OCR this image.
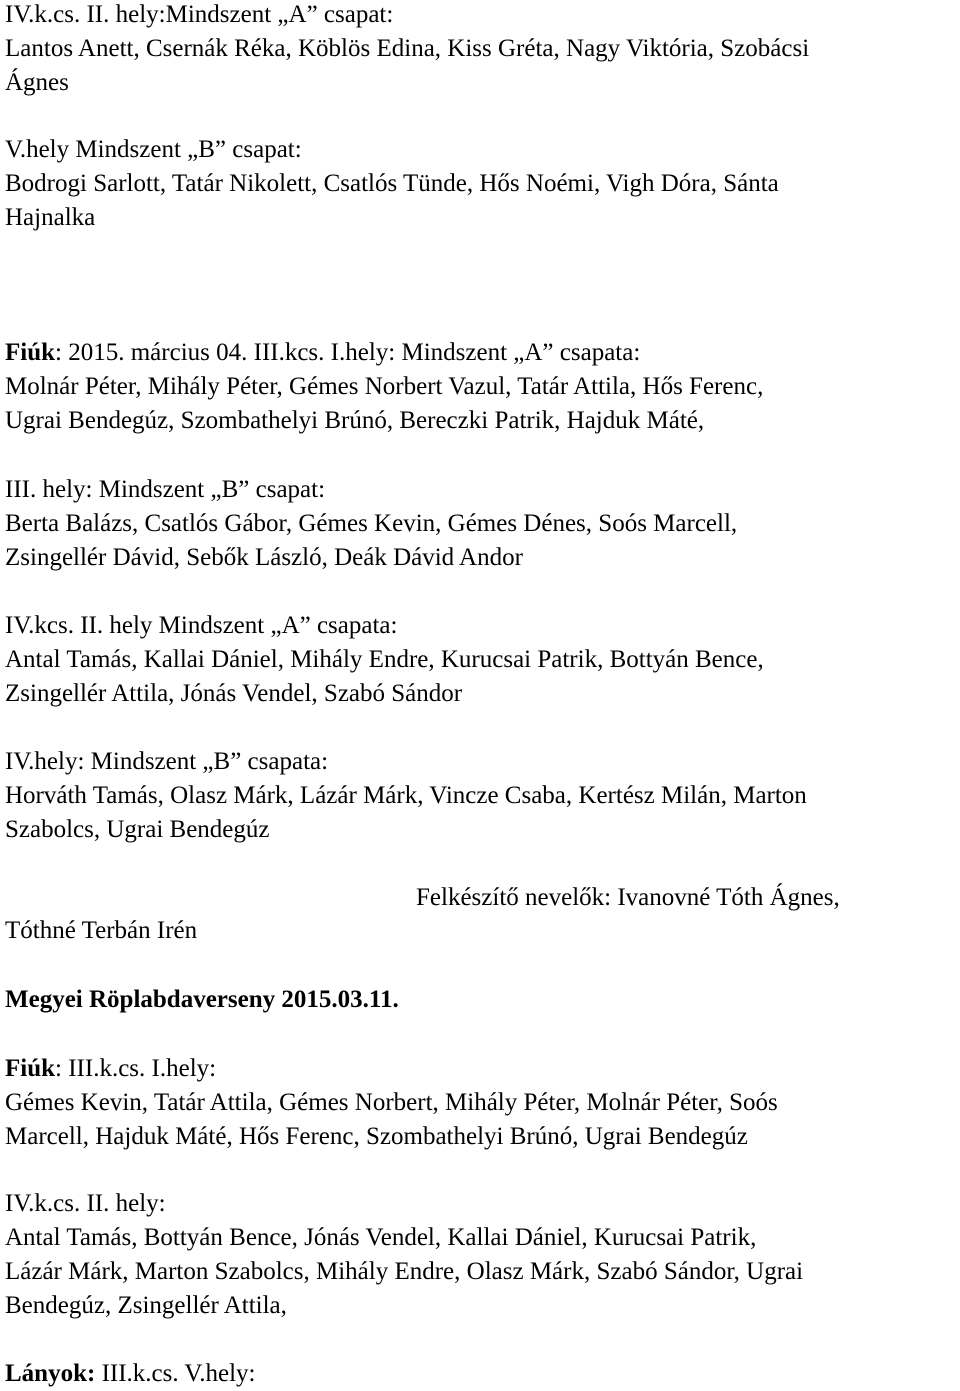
IV.k.cs. II. hely:Mindszent „A” csapat:

Lantos Anett, Csernák Réka, Köblös Edina, Kiss Gréta, Nagy Viktória, Szobácsi

Ágnes

V.hely Mindszent „B” csapat:

Bodrogi Sarlott, Tatár Nikolett, Csatlós Tünde, Hős Noémi, Vigh Dóra, Sánta

Hajnalka

Fiúk: 2015. március 04. III.kcs. I.hely: Mindszent „A” csapata:

Molnár Péter, Mihály Péter, Gémes Norbert Vazul, Tatár Attila, Hős Ferenc,

Ugrai Bendegúz, Szombathelyi Brúnó, Bereczki Patrik, Hajduk Máté,

III. hely: Mindszent „B” csapat:

Berta Balázs, Csatlós Gábor, Gémes Kevin, Gémes Dénes, Soós Marcell,

Zsingellér Dávid, Sebők László, Deák Dávid Andor

IV.kcs. II. hely Mindszent „A” csapata:

Antal Tamás, Kallai Dániel, Mihály Endre, Kurucsai Patrik, Bottyán Bence,

Zsingellér Attila, Jónás Vendel, Szabó Sándor

IV.hely: Mindszent „B” csapata:

Horváth Tamás, Olasz Márk, Lázár Márk, Vincze Csaba, Kertész Milán, Marton

Szabolcs, Ugrai Bendegúz

Felkészítő nevelők: Ivanovné Tóth Ágnes,

Tóthné Terbán Irén

Megyei Röplabdaverseny 2015.03.11.

Fiúk: III.k.cs. I.hely:

Gémes Kevin, Tatár Attila, Gémes Norbert, Mihály Péter, Molnár Péter, Soós

Marcell, Hajduk Máté, Hős Ferenc, Szombathelyi Brúnó, Ugrai Bendegúz

IV.k.cs. II. hely:

Antal Tamás, Bottyán Bence, Jónás Vendel, Kallai Dániel, Kurucsai Patrik,

Lázár Márk, Marton Szabolcs, Mihály Endre, Olasz Márk, Szabó Sándor, Ugrai

Bendegúz, Zsingellér Attila,

Lányok: III.k.cs. V.hely:
